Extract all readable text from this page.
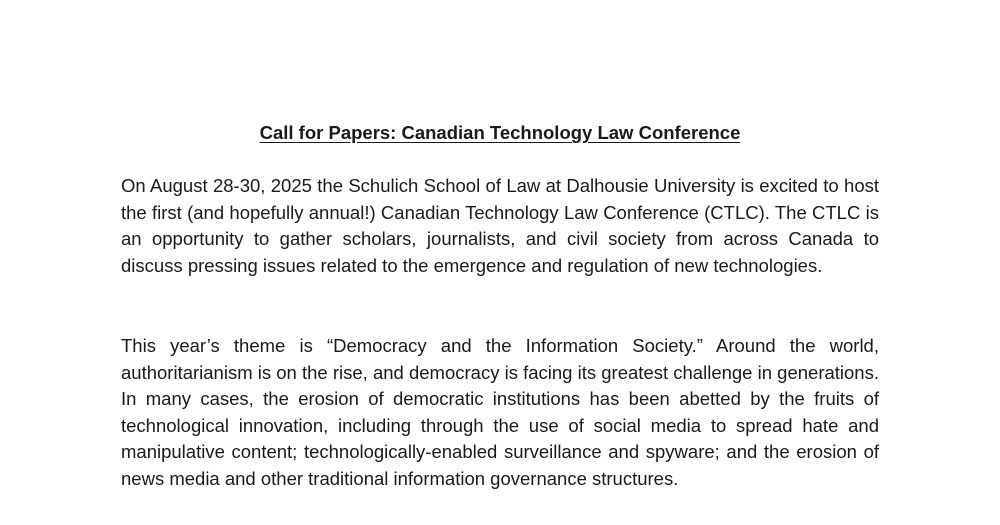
Call for Papers: Canadian Technology Law Conference

On August 28-30, 2025 the Schulich School of Law at Dalhousie University is excited to host the first (and hopefully annual!) Canadian Technology Law Conference (CTLC). The CTLC is an opportunity to gather scholars, journalists, and civil society from across Canada to discuss pressing issues related to the emergence and regulation of new technologies.

This year’s theme is “Democracy and the Information Society.” Around the world, authoritarianism is on the rise, and democracy is facing its greatest challenge in generations. In many cases, the erosion of democratic institutions has been abetted by the fruits of technological innovation, including through the use of social media to spread hate and manipulative content; technologically-enabled surveillance and spyware; and the erosion of news media and other traditional information governance structures.
